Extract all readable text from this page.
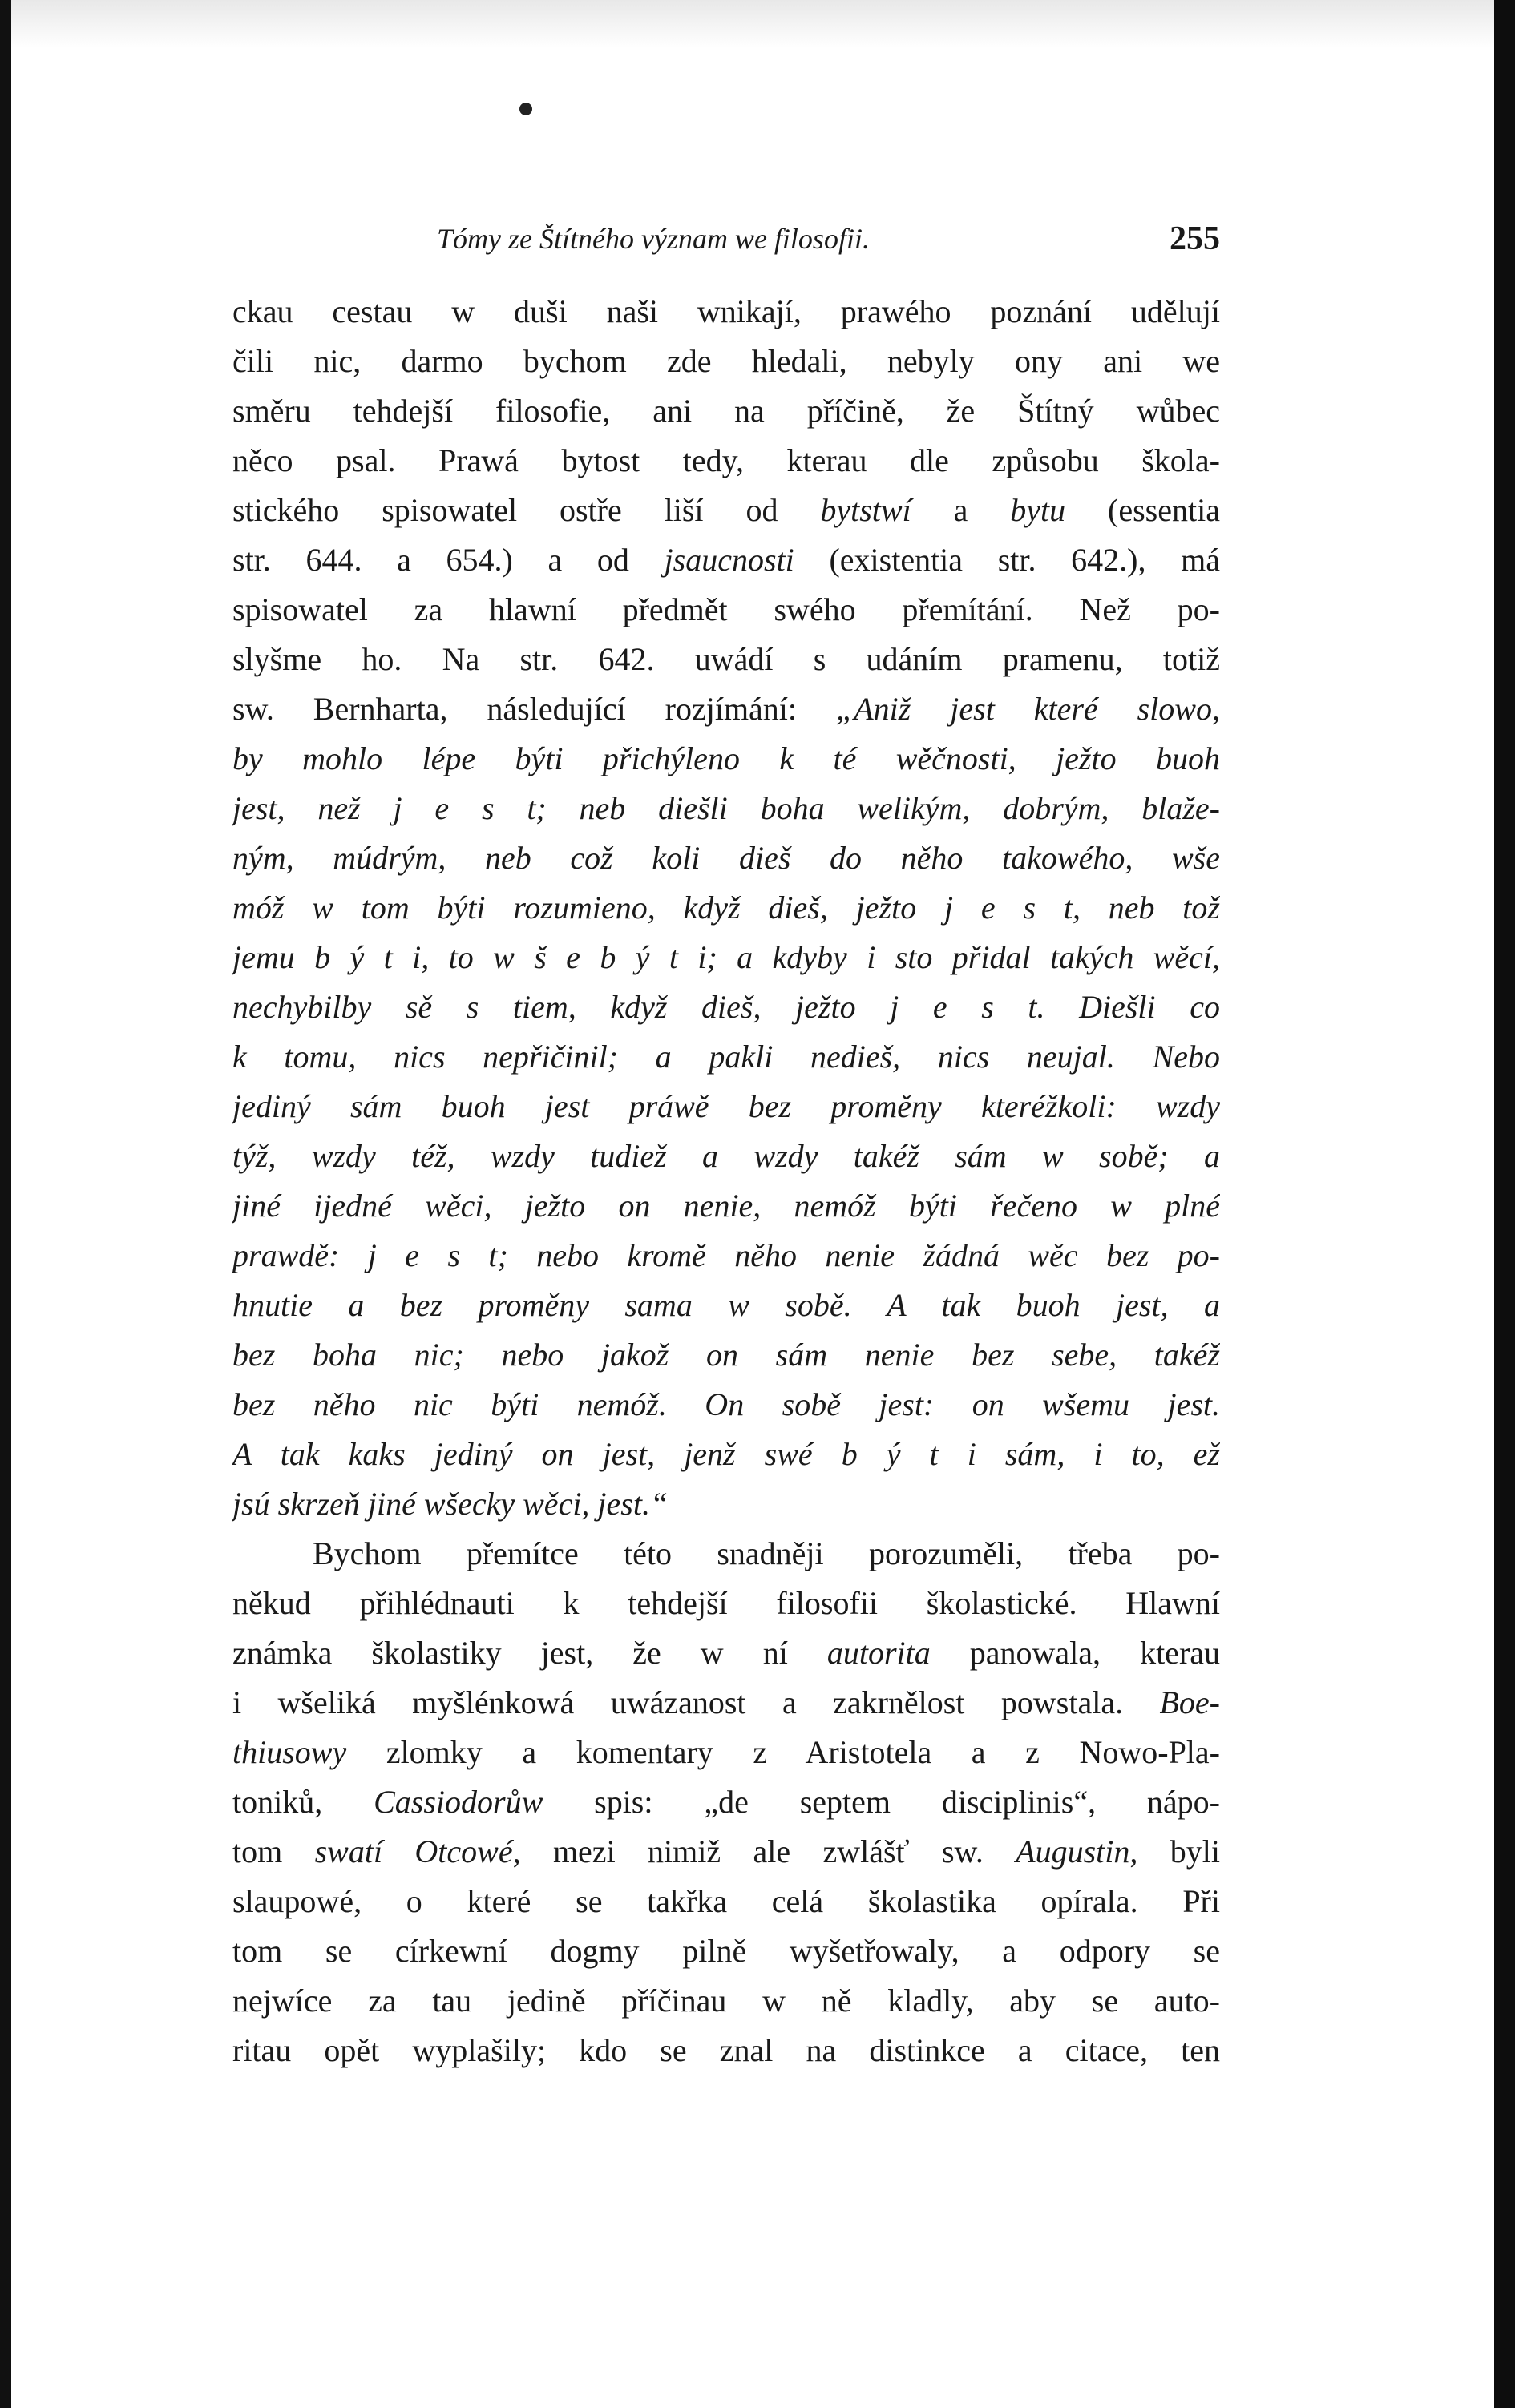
Tómy ze Štítného význam we filosofii.	255
ckau cestau w duši naši wnikají, prawého poznání udělují
čili nic, darmo bychom zde hledali, nebyly ony ani we
směru tehdejší filosofie, ani na příčině, že Štítný wůbec
něco psal. Prawá bytost tedy, kterau dle způsobu škola-
stického spisowatel ostře liší od bytstwí a bytu (essentia
str. 644. a 654.) a od jsaucnosti (existentia str. 642.), má
spisowatel za hlawní předmět swého přemítání. Než po-
slyšme ho. Na str. 642. uwádí s udáním pramenu, totiž
sw. Bernharta, následující rozjímání: „Aniž jest které slowo,
by mohlo lépe býti přichýleno k té wěčnosti, ježto buoh
jest, než j e s t; neb diešli boha welikým, dobrým, blaže-
ným, múdrým, neb což koli dieš do něho takowého, wše
móž w tom býti rozumieno, když dieš, ježto j e s t, neb tož
jemu b ý t i, to w š e b ý t i; a kdyby i sto přidal takých wěcí,
nechybilby sě s tiem, když dieš, ježto j e s t. Diešli co
k tomu, nics nepřičinil; a pakli nedieš, nics neujal. Nebo
jediný sám buoh jest práwě bez proměny kteréžkoli: wzdy
týž, wzdy též, wzdy tudiež a wzdy takéž sám w sobě; a
jiné ijedné wěci, ježto on nenie, nemóž býti řečeno w plné
prawdě: j e s t; nebo kromě něho nenie žádná wěc bez po-
hnutie a bez proměny sama w sobě. A tak buoh jest, a
bez boha nic; nebo jakož on sám nenie bez sebe, takéž
bez něho nic býti nemóž. On sobě jest: on wšemu jest.
A tak kaks jediný on jest, jenž swé b ý t i sám, i to, ež
jsú skrzeň jiné wšecky wěci, jest.“
Bychom přemítce této snadněji porozuměli, třeba po-
někud přihlédnauti k tehdejší filosofii školastické. Hlawní
známka školastiky jest, že w ní autorita panowala, kterau
i wšeliká myšlénkowá uwázanost a zakrnělost powstala. Boe-
thiusowy zlomky a komentary z Aristotela a z Nowo-Pla-
toniků, Cassiodorůw spis: „de septem disciplinis“, nápo-
tom swatí Otcowé, mezi nimiž ale zwlášť sw. Augustin, byli
slaupowé, o které se takřka celá školastika opírala. Při
tom se církewní dogmy pilně wyšetřowaly, a odpory se
nejwíce za tau jedině příčinau w ně kladly, aby se auto-
ritau opět wyplašily; kdo se znal na distinkce a citace, ten
